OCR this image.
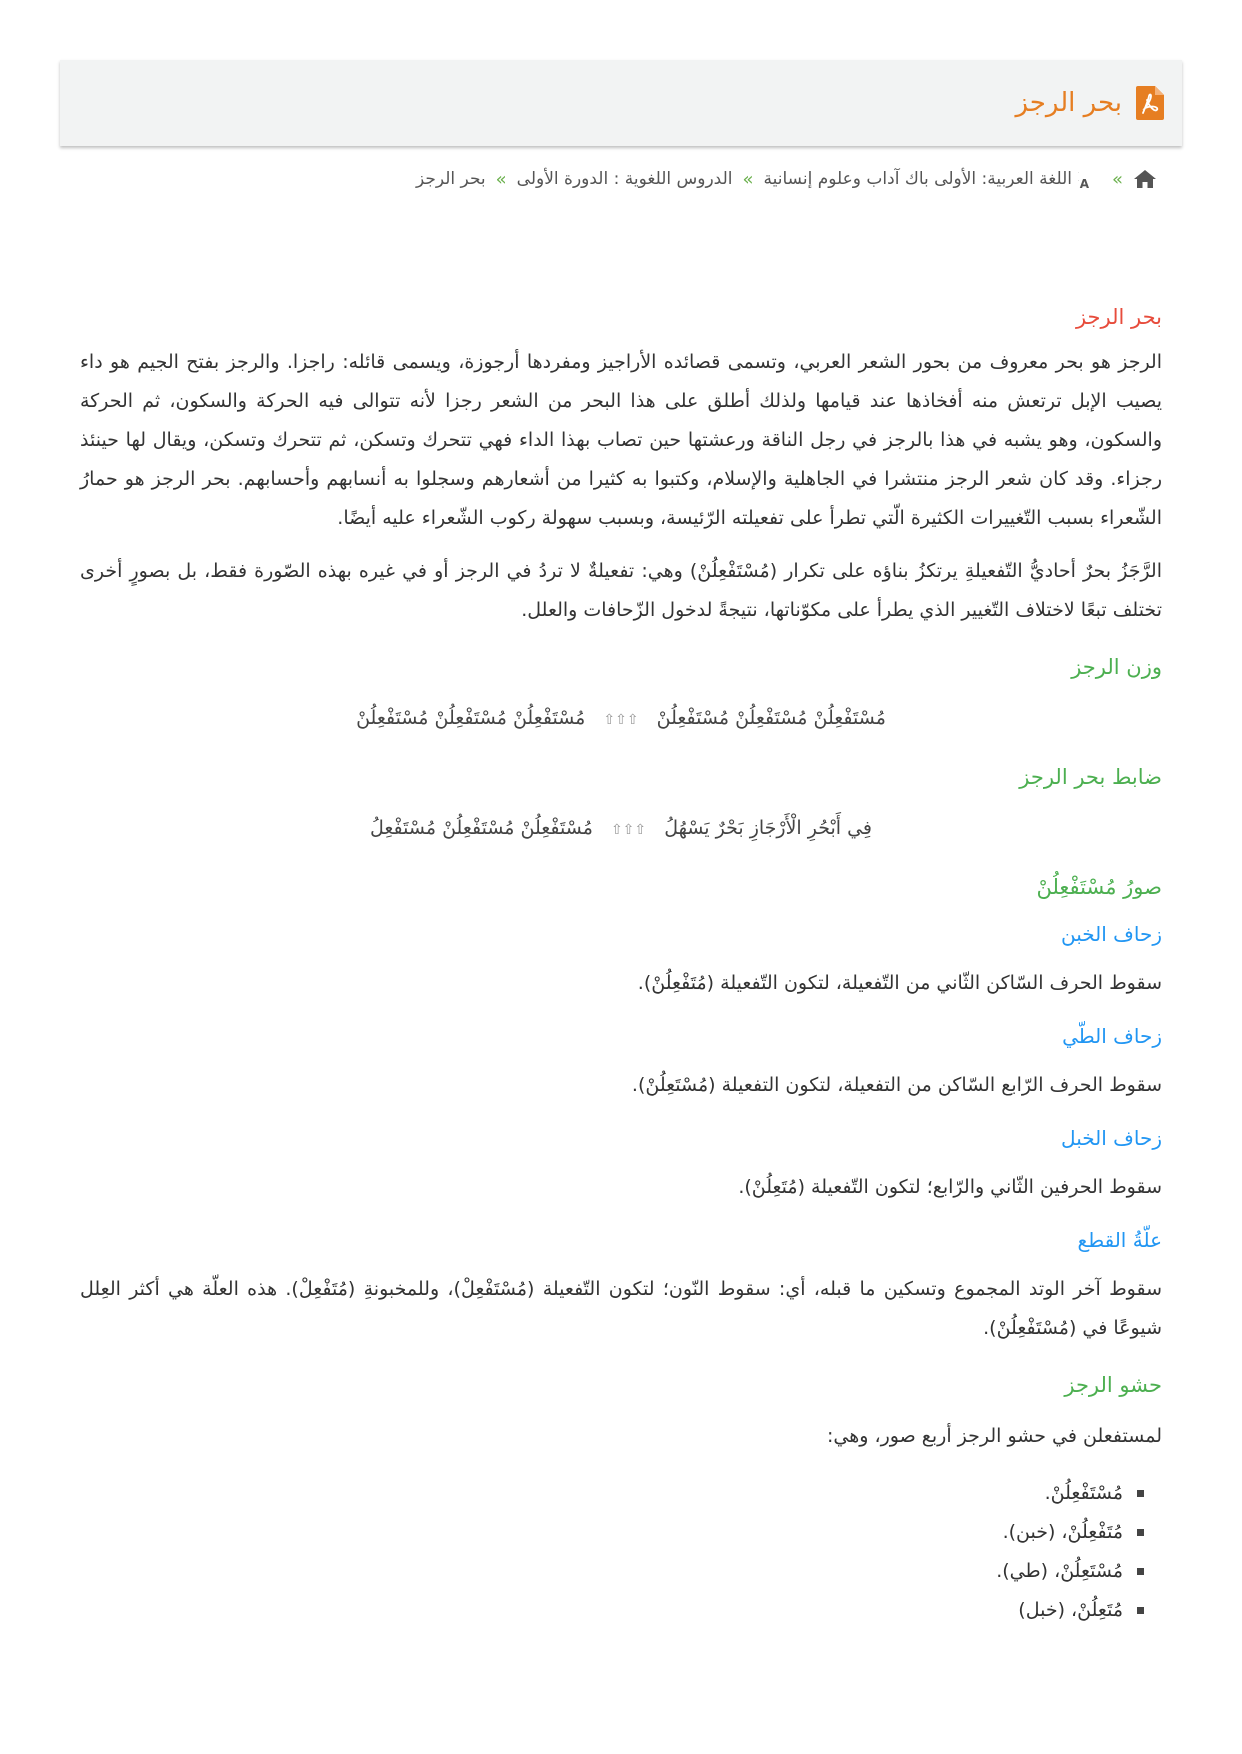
بحر الرجز
»
A
اللغة العربية: الأولى باك آداب وعلوم إنسانية
»
الدروس اللغوية : الدورة الأولى
»
بحر الرجز
بحر الرجز

الرجز هو بحر معروف من بحور الشعر العربي، وتسمى قصائده الأراجيز ومفردها أرجوزة، ويسمى قائله: راجزا. والرجز بفتح الجيم هو داء يصيب الإبل ترتعش منه أفخاذها عند قيامها ولذلك أطلق على هذا البحر من الشعر رجزا لأنه تتوالى فيه الحركة والسكون، ثم الحركة والسكون، وهو يشبه في هذا بالرجز في رجل الناقة ورعشتها حين تصاب بهذا الداء فهي تتحرك وتسكن، ثم تتحرك وتسكن، ويقال لها حينئذ رجزاء. وقد كان شعر الرجز منتشرا في الجاهلية والإسلام، وكتبوا به كثيرا من أشعارهم وسجلوا به أنسابهم وأحسابهم. بحر الرجز هو حمارُ الشّعراء بسبب التّغييرات الكثيرة الّتي تطرأ على تفعيلته الرّئيسة، وبسبب سهولة ركوب الشّعراء عليه أيضًا.

الرَّجَزُ بحرٌ أحاديُّ التّفعيلةِ يرتكزُ بناؤه على تكرار (مُسْتَفْعِلُنْ) وهي: تفعيلةٌ لا تردُ في الرجز أو في غيره بهذه الصّورة فقط، بل بصورٍ أخرى تختلف تبعًا لاختلاف التّغيير الذي يطرأ على مكوّناتها، نتيجةً لدخول الزّحافات والعلل.

وزن الرجز
مُسْتَفْعِلُنْ مُسْتَفْعِلُنْ مُسْتَفْعِلُنْ ⇧⇧⇧ مُسْتَفْعِلُنْ مُسْتَفْعِلُنْ مُسْتَفْعِلُنْ
ضابط بحر الرجز
فِي أَبْحُرِ الْأَرْجَازِ بَحْرٌ يَسْهُلُ ⇧⇧⇧ مُسْتَفْعِلُنْ مُسْتَفْعِلُنْ مُسْتَفْعِلُ
صورُ مُسْتَفْعِلُنْ
زحاف الخبن

سقوط الحرف السّاكن الثّاني من التّفعيلة، لتكون التّفعيلة (مُتَفْعِلُنْ).

زحاف الطّي

سقوط الحرف الرّابع السّاكن من التفعيلة، لتكون التفعيلة (مُسْتَعِلُنْ).

زحاف الخبل

سقوط الحرفين الثّاني والرّابع؛ لتكون التّفعيلة (مُتَعِلُنْ).

علّةُ القطع

سقوط آخر الوتد المجموع وتسكين ما قبله، أي: سقوط النّون؛ لتكون التّفعيلة (مُسْتَفْعِلْ)، وللمخبونةِ (مُتَفْعِلْ). هذه العلّة هي أكثر العِلل شيوعًا في (مُسْتَفْعِلُنْ).

حشو الرجز

لمستفعلن في حشو الرجز أربع صور، وهي:

مُسْتَفْعِلُنْ.
مُتَفْعِلُنْ، (خبن).
مُسْتَعِلُنْ، (طي).
مُتَعِلُنْ، (خبل)
